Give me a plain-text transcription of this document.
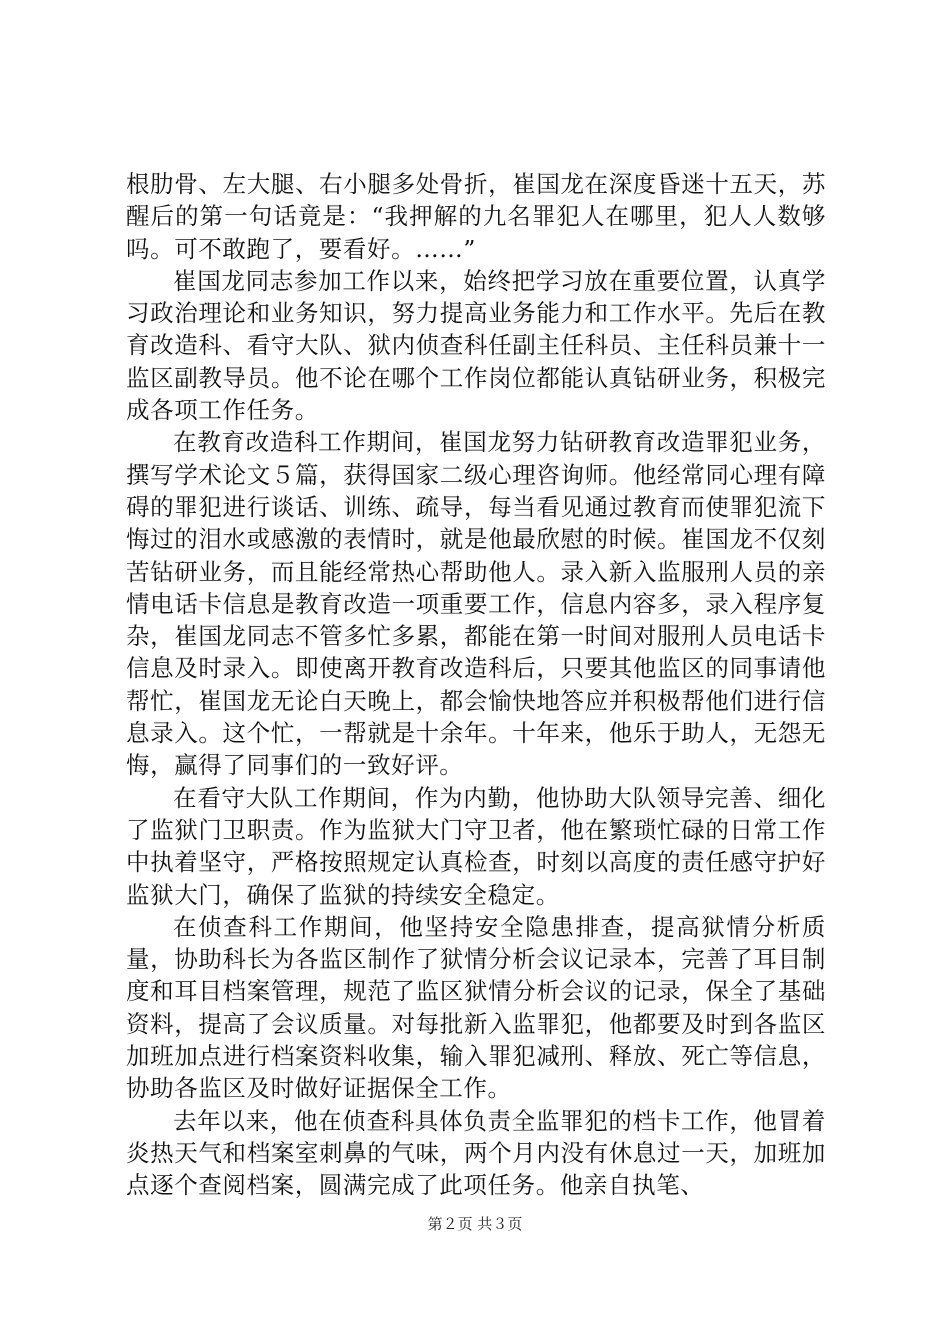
根肋骨、左大腿、右小腿多处骨折，崔国龙在深度昏迷十五天，苏醒后的第一句话竟是：“我押解的九名罪犯人在哪里，犯人人数够吗。可不敢跑了，要看好。……”

崔国龙同志参加工作以来，始终把学习放在重要位置，认真学习政治理论和业务知识，努力提高业务能力和工作水平。先后在教育改造科、看守大队、狱内侦查科任副主任科员、主任科员兼十一监区副教导员。他不论在哪个工作岗位都能认真钻研业务，积极完成各项工作任务。

在教育改造科工作期间，崔国龙努力钻研教育改造罪犯业务，撰写学术论文５篇，获得国家二级心理咨询师。他经常同心理有障碍的罪犯进行谈话、训练、疏导，每当看见通过教育而使罪犯流下悔过的泪水或感激的表情时，就是他最欣慰的时候。崔国龙不仅刻苦钻研业务，而且能经常热心帮助他人。录入新入监服刑人员的亲情电话卡信息是教育改造一项重要工作，信息内容多，录入程序复杂，崔国龙同志不管多忙多累，都能在第一时间对服刑人员电话卡信息及时录入。即使离开教育改造科后，只要其他监区的同事请他帮忙，崔国龙无论白天晚上，都会愉快地答应并积极帮他们进行信息录入。这个忙，一帮就是十余年。十年来，他乐于助人，无怨无悔，赢得了同事们的一致好评。

在看守大队工作期间，作为内勤，他协助大队领导完善、细化了监狱门卫职责。作为监狱大门守卫者，他在繁琐忙碌的日常工作中执着坚守，严格按照规定认真检查，时刻以高度的责任感守护好监狱大门，确保了监狱的持续安全稳定。

在侦查科工作期间，他坚持安全隐患排查，提高狱情分析质量，协助科长为各监区制作了狱情分析会议记录本，完善了耳目制度和耳目档案管理，规范了监区狱情分析会议的记录，保全了基础资料，提高了会议质量。对每批新入监罪犯，他都要及时到各监区加班加点进行档案资料收集，输入罪犯减刑、释放、死亡等信息，协助各监区及时做好证据保全工作。

去年以来，他在侦查科具体负责全监罪犯的档卡工作，他冒着炎热天气和档案室刺鼻的气味，两个月内没有休息过一天，加班加点逐个查阅档案，圆满完成了此项任务。他亲自执笔、

第２页 共３页
